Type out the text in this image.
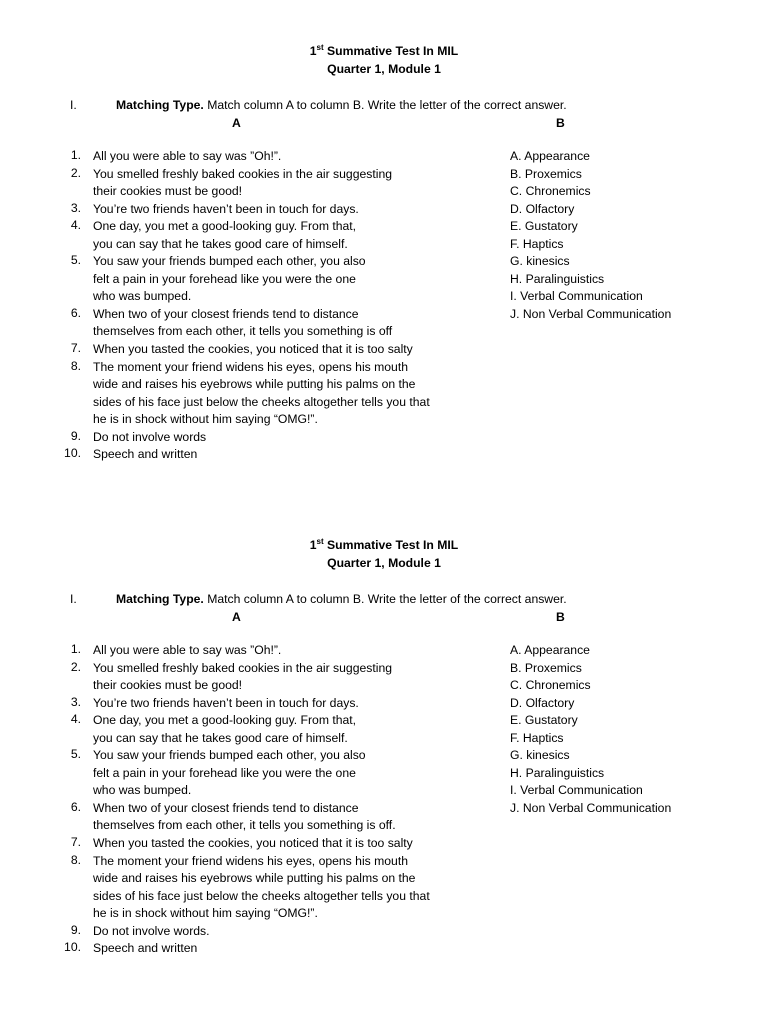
1st Summative Test In MIL
Quarter 1, Module 1
I.	Matching Type. Match column A to column B. Write the letter of the correct answer.
A	B
1. All you were able to say was ”Oh!”.
2. You smelled freshly baked cookies in the air suggesting
their cookies must be good!
3. You’re two friends haven’t been in touch for days.
4. One day, you met a good-looking guy. From that,
you can say that he takes good care of himself.
5. You saw your friends bumped each other, you also
felt a pain in your forehead like you were the one
who was bumped.
6. When two of your closest friends tend to distance
themselves from each other, it tells you something is off
7. When you tasted the cookies, you noticed that it is too salty
8. The moment your friend widens his eyes, opens his mouth
wide and raises his eyebrows while putting his palms on the
sides of his face just below the cheeks altogether tells you that
he is in shock without him saying “OMG!”.
9. Do not involve words
10. Speech and written
A. Appearance
B. Proxemics
C. Chronemics
D. Olfactory
E. Gustatory
F. Haptics
G. kinesics
H. Paralinguistics
I. Verbal Communication
J. Non Verbal Communication
1st Summative Test In MIL
Quarter 1, Module 1
I.	Matching Type. Match column A to column B. Write the letter of the correct answer.
A	B
1. All you were able to say was ”Oh!”.
2. You smelled freshly baked cookies in the air suggesting
their cookies must be good!
3. You’re two friends haven’t been in touch for days.
4. One day, you met a good-looking guy. From that,
you can say that he takes good care of himself.
5. You saw your friends bumped each other, you also
felt a pain in your forehead like you were the one
who was bumped.
6. When two of your closest friends tend to distance
themselves from each other, it tells you something is off.
7. When you tasted the cookies, you noticed that it is too salty
8. The moment your friend widens his eyes, opens his mouth
wide and raises his eyebrows while putting his palms on the
sides of his face just below the cheeks altogether tells you that
he is in shock without him saying “OMG!”.
9. Do not involve words.
10. Speech and written
A. Appearance
B. Proxemics
C. Chronemics
D. Olfactory
E. Gustatory
F. Haptics
G. kinesics
H. Paralinguistics
I. Verbal Communication
J. Non Verbal Communication
